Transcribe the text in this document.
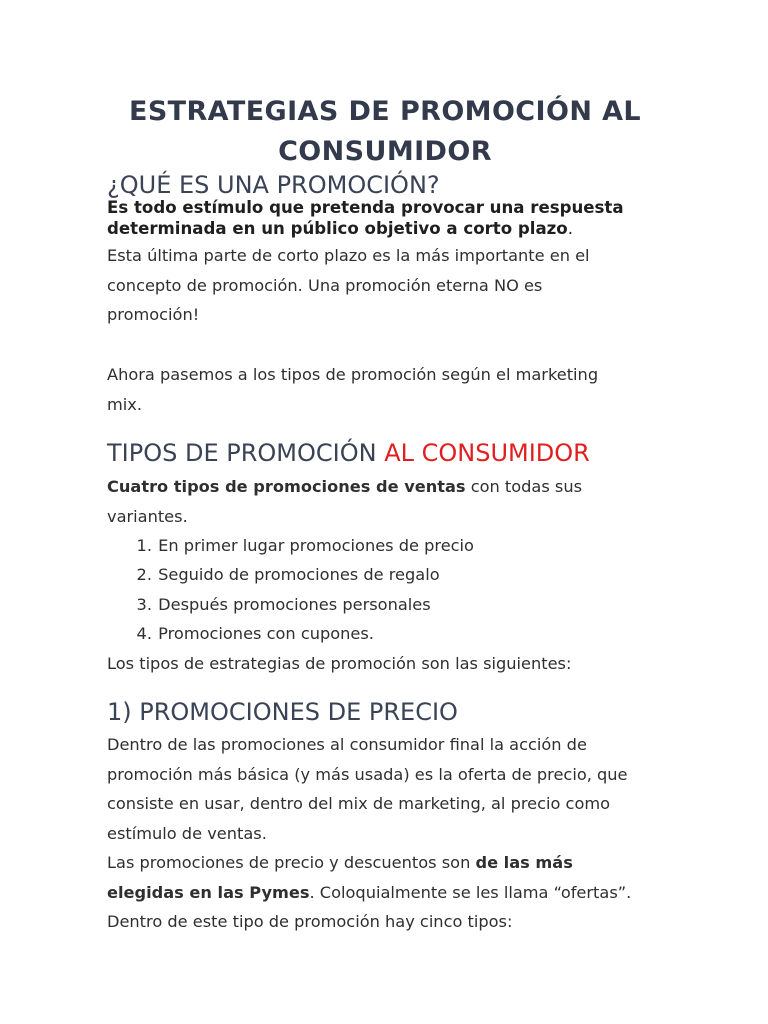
ESTRATEGIAS DE PROMOCIÓN AL
CONSUMIDOR
¿QUÉ ES UNA PROMOCIÓN?

Es todo estímulo que pretenda provocar una respuesta
determinada en un público objetivo a corto plazo.

Esta última parte de corto plazo es la más importante en el
concepto de promoción. Una promoción eterna NO es
promoción!

Ahora pasemos a los tipos de promoción según el marketing
mix.

TIPOS DE PROMOCIÓN AL CONSUMIDOR

Cuatro tipos de promociones de ventas con todas sus
variantes.

1. En primer lugar promociones de precio
2. Seguido de promociones de regalo
3. Después promociones personales
4. Promociones con cupones.

Los tipos de estrategias de promoción son las siguientes:

1) PROMOCIONES DE PRECIO

Dentro de las promociones al consumidor final la acción de
promoción más básica (y más usada) es la oferta de precio, que
consiste en usar, dentro del mix de marketing, al precio como
estímulo de ventas.
Las promociones de precio y descuentos son de las más
elegidas en las Pymes. Coloquialmente se les llama “ofertas”.
Dentro de este tipo de promoción hay cinco tipos:
